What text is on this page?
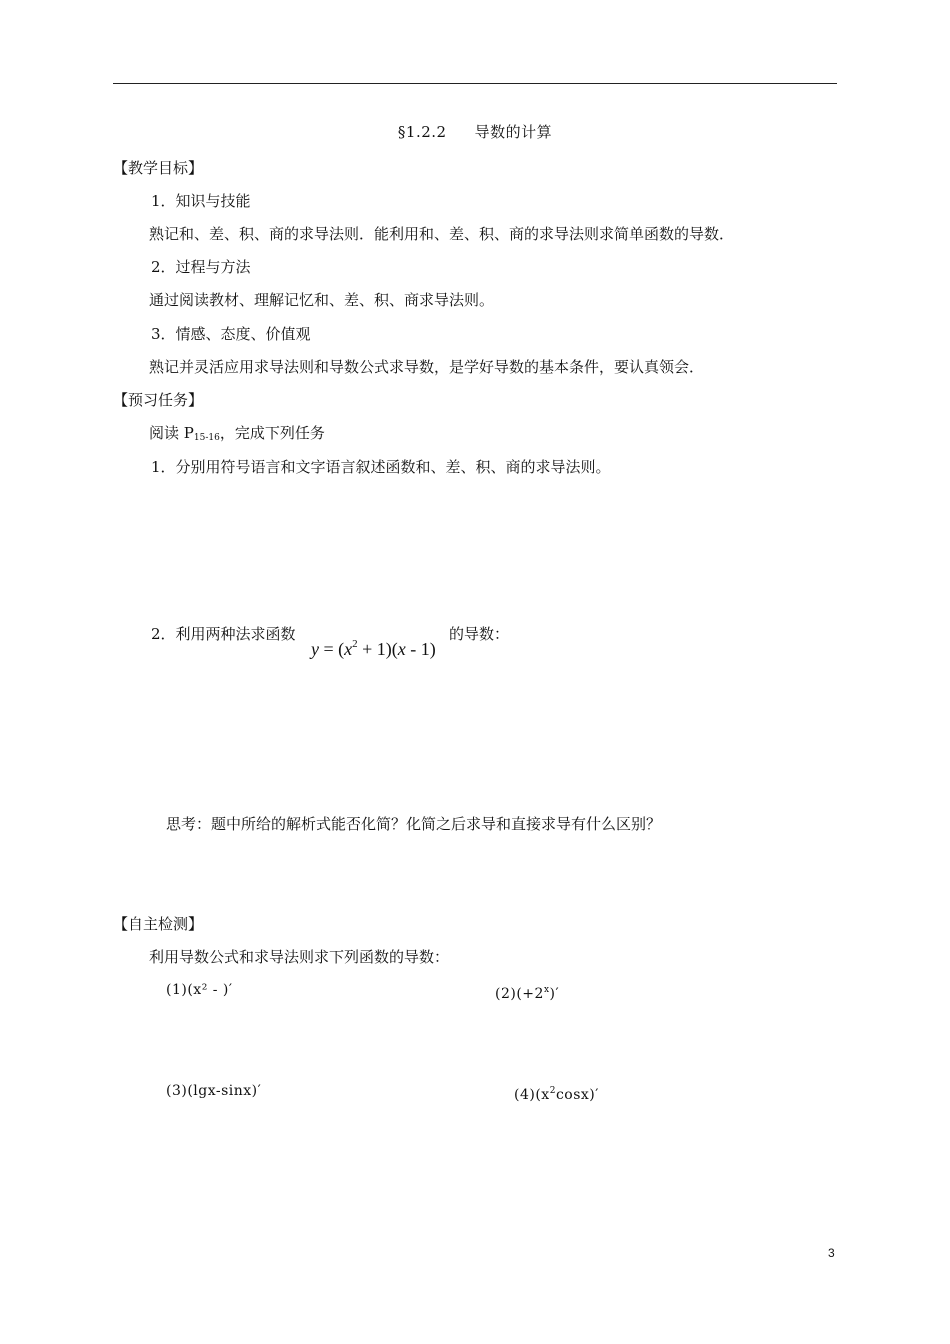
§1.2.2 导数的计算
【教学目标】
1．知识与技能
熟记和、差、积、商的求导法则．能利用和、差、积、商的求导法则求简单函数的导数．
2．过程与方法
通过阅读教材、理解记忆和、差、积、商求导法则。
3．情感、态度、价值观
熟记并灵活应用求导法则和导数公式求导数，是学好导数的基本条件，要认真领会．
【预习任务】
阅读 $P_{15-16}$，完成下列任务
1．分别用符号语言和文字语言叙述函数和、差、积、商的求导法则。
2．利用两种法求函数
$y = (x^2 + 1)(x - 1)$
的导数：
思考：题中所给的解析式能否化简？化简之后求导和直接求导有什么区别？
【自主检测】
利用导数公式和求导法则求下列函数的导数：
(1)(x² - )′	$(2)(+2^x)'$
(3)(lgx-sinx)′	$(4)(x^2\cos x)'$
3
